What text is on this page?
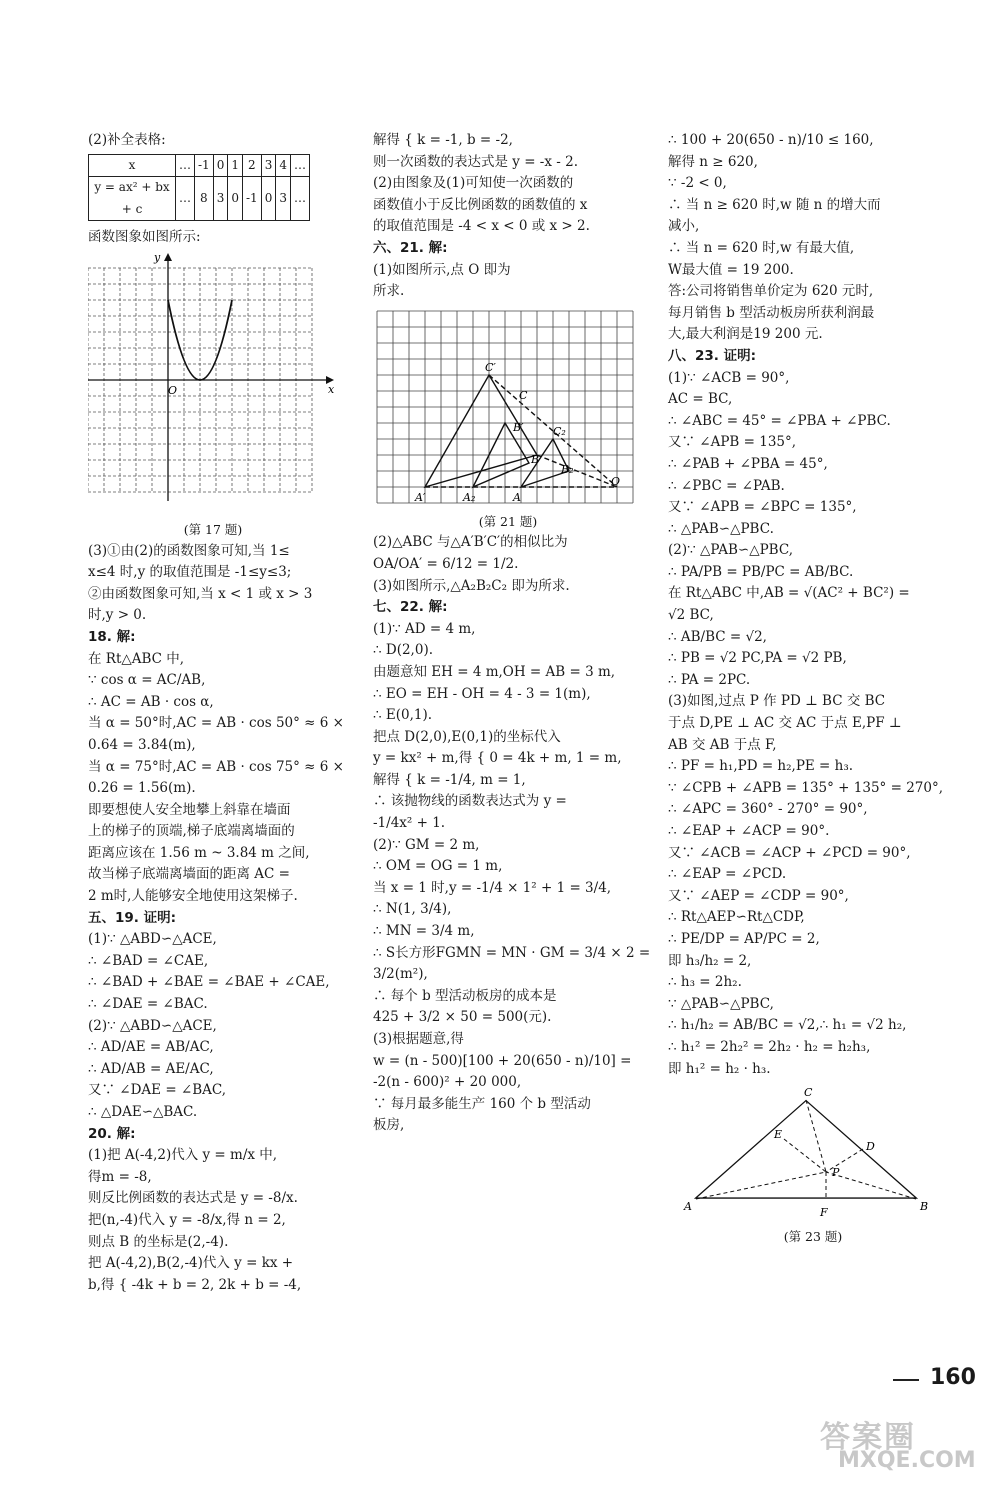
(2)补全表格:

x	…	-1	0	1	2	3	4	…
y = ax² + bx + c	…	8	3	0	-1	0	3	…

函数图象如图所示:

x
y
O

(第 17 题)

(3)①由(2)的函数图象可知,当 1≤

x≤4 时,y 的取值范围是 -1≤y≤3;

②由函数图象可知,当 x < 1 或 x > 3

时,y > 0.

18. 解:

在 Rt△ABC 中,

∵ cos α = AC/AB,

∴ AC = AB · cos α,

当 α = 50°时,AC = AB · cos 50° ≈ 6 ×

0.64 = 3.84(m),

当 α = 75°时,AC = AB · cos 75° ≈ 6 ×

0.26 = 1.56(m).

即要想使人安全地攀上斜靠在墙面

上的梯子的顶端,梯子底端离墙面的

距离应该在 1.56 m ~ 3.84 m 之间,

故当梯子底端离墙面的距离 AC =

2 m时,人能够安全地使用这架梯子.

五、19. 证明:

(1)∵ △ABD∽△ACE,

∴ ∠BAD = ∠CAE,

∴ ∠BAD + ∠BAE = ∠BAE + ∠CAE,

∴ ∠DAE = ∠BAC.

(2)∵ △ABD∽△ACE,

∴ AD/AE = AB/AC,

∴ AD/AB = AE/AC,

又∵ ∠DAE = ∠BAC,

∴ △DAE∽△BAC.

20. 解:

(1)把 A(-4,2)代入 y = m/x 中,

得m = -8,

则反比例函数的表达式是 y = -8/x.

把(n,-4)代入 y = -8/x,得 n = 2,

则点 B 的坐标是(2,-4).

把 A(-4,2),B(2,-4)代入 y = kx +

b,得 { -4k + b = 2, 2k + b = -4,

解得 { k = -1, b = -2,

则一次函数的表达式是 y = -x - 2.

(2)由图象及(1)可知使一次函数的

函数值小于反比例函数的函数值的 x

的取值范围是 -4 < x < 0 或 x > 2.

六、21. 解:

(1)如图所示,点 O 即为

所求.

C′
C
B′	C₂
B
B₂
A′	A₂	A
O

(第 21 题)

(2)△ABC 与△A′B′C′的相似比为

OA/OA′ = 6/12 = 1/2.

(3)如图所示,△A₂B₂C₂ 即为所求.

七、22. 解:

(1)∵ AD = 4 m,

∴ D(2,0).

由题意知 EH = 4 m,OH = AB = 3 m,

∴ EO = EH - OH = 4 - 3 = 1(m),

∴ E(0,1).

把点 D(2,0),E(0,1)的坐标代入

y = kx² + m,得 { 0 = 4k + m, 1 = m,

解得 { k = -1/4, m = 1,

∴ 该抛物线的函数表达式为 y =

-1/4x² + 1.

(2)∵ GM = 2 m,

∴ OM = OG = 1 m,

当 x = 1 时,y = -1/4 × 1² + 1 = 3/4,

∴ N(1, 3/4),

∴ MN = 3/4 m,

∴ S长方形FGMN = MN · GM = 3/4 × 2 =

3/2(m²),

∴ 每个 b 型活动板房的成本是

425 + 3/2 × 50 = 500(元).

(3)根据题意,得

w = (n - 500)[100 + 20(650 - n)/10] =

-2(n - 600)² + 20 000,

∵ 每月最多能生产 160 个 b 型活动

板房,

∴ 100 + 20(650 - n)/10 ≤ 160,

解得 n ≥ 620,

∵ -2 < 0,

∴ 当 n ≥ 620 时,w 随 n 的增大而

减小,

∴ 当 n = 620 时,w 有最大值,

W最大值 = 19 200.

答:公司将销售单价定为 620 元时,

每月销售 b 型活动板房所获利润最

大,最大利润是19 200 元.

八、23. 证明:

(1)∵ ∠ACB = 90°,

AC = BC,

∴ ∠ABC = 45° = ∠PBA + ∠PBC.

又∵ ∠APB = 135°,

∴ ∠PAB + ∠PBA = 45°,

∴ ∠PBC = ∠PAB.

又∵ ∠APB = ∠BPC = 135°,

∴ △PAB∽△PBC.

(2)∵ △PAB∽△PBC,

∴ PA/PB = PB/PC = AB/BC.

在 Rt△ABC 中,AB = √(AC² + BC²) =

√2 BC,

∴ AB/BC = √2,

∴ PB = √2 PC,PA = √2 PB,

∴ PA = 2PC.

(3)如图,过点 P 作 PD ⊥ BC 交 BC

于点 D,PE ⊥ AC 交 AC 于点 E,PF ⊥

AB 交 AB 于点 F,

∴ PF = h₁,PD = h₂,PE = h₃.

∵ ∠CPB + ∠APB = 135° + 135° = 270°,

∴ ∠APC = 360° - 270° = 90°,

∴ ∠EAP + ∠ACP = 90°.

又∵ ∠ACB = ∠ACP + ∠PCD = 90°,

∴ ∠EAP = ∠PCD.

又∵ ∠AEP = ∠CDP = 90°,

∴ Rt△AEP∽Rt△CDP,

∴ PE/DP = AP/PC = 2,

即 h₃/h₂ = 2,

∴ h₃ = 2h₂.

∵ △PAB∽△PBC,

∴ h₁/h₂ = AB/BC = √2,∴ h₁ = √2 h₂,

∴ h₁² = 2h₂² = 2h₂ · h₂ = h₂h₃,

即 h₁² = h₂ · h₃.

C
E
D
P
A	F	B

(第 23 题)

160
答案圈
MXQE.COM
